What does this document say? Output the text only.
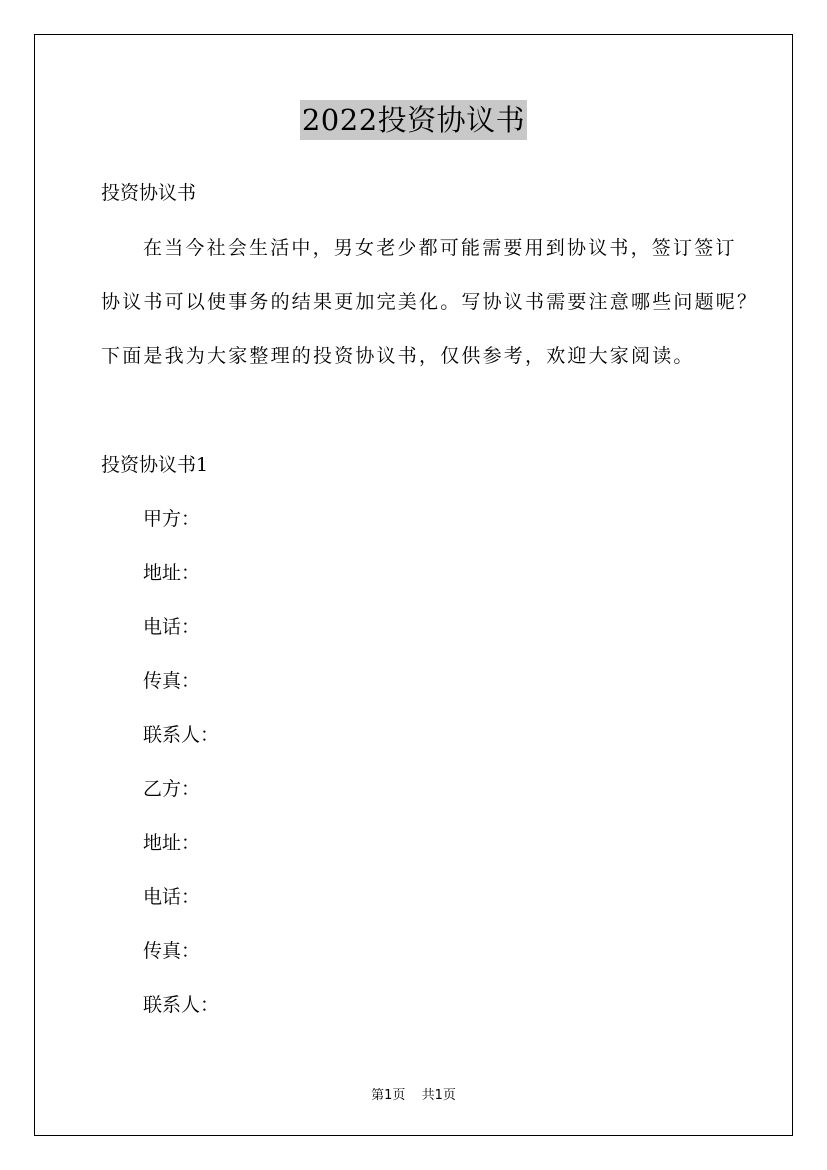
2022投资协议书
投资协议书
在当今社会生活中，男女老少都可能需要用到协议书，签订签订
协议书可以使事务的结果更加完美化。写协议书需要注意哪些问题呢？
下面是我为大家整理的投资协议书，仅供参考，欢迎大家阅读。
投资协议书1
甲方：
地址：
电话：
传真：
联系人：
乙方：
地址：
电话：
传真：
联系人：
第1页 共1页
